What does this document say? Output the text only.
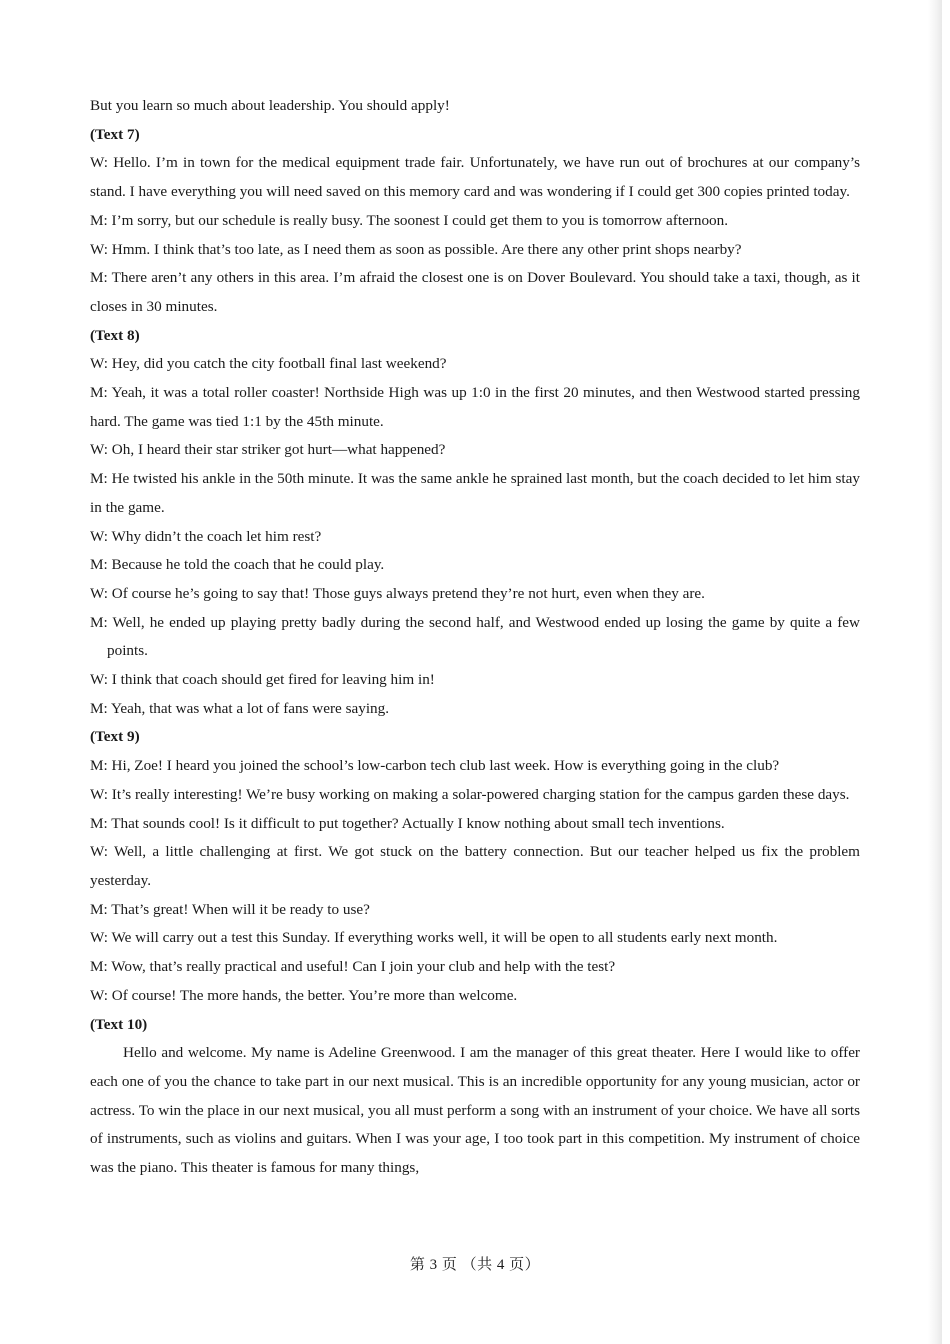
But you learn so much about leadership. You should apply!

(Text 7)

W: Hello. I’m in town for the medical equipment trade fair. Unfortunately, we have run out of brochures at our company’s stand. I have everything you will need saved on this memory card and was wondering if I could get 300 copies printed today.

M: I’m sorry, but our schedule is really busy. The soonest I could get them to you is tomorrow afternoon.

W: Hmm. I think that’s too late, as I need them as soon as possible. Are there any other print shops nearby?

M: There aren’t any others in this area. I’m afraid the closest one is on Dover Boulevard. You should take a taxi, though, as it closes in 30 minutes.

(Text 8)

W: Hey, did you catch the city football final last weekend?

M: Yeah, it was a total roller coaster! Northside High was up 1:0 in the first 20 minutes, and then Westwood started pressing hard. The game was tied 1:1 by the 45th minute.

W: Oh, I heard their star striker got hurt—what happened?

M: He twisted his ankle in the 50th minute. It was the same ankle he sprained last month, but the coach decided to let him stay in the game.

W: Why didn’t the coach let him rest?

M: Because he told the coach that he could play.

W: Of course he’s going to say that! Those guys always pretend they’re not hurt, even when they are.

M: Well, he ended up playing pretty badly during the second half, and Westwood ended up losing the game by quite a few points.

W: I think that coach should get fired for leaving him in!

M: Yeah, that was what a lot of fans were saying.

(Text 9)

M: Hi, Zoe! I heard you joined the school’s low-carbon tech club last week. How is everything going in the club?

W: It’s really interesting! We’re busy working on making a solar-powered charging station for the campus garden these days.

M: That sounds cool! Is it difficult to put together? Actually I know nothing about small tech inventions.

W: Well, a little challenging at first. We got stuck on the battery connection. But our teacher helped us fix the problem yesterday.

M: That’s great! When will it be ready to use?

W: We will carry out a test this Sunday. If everything works well, it will be open to all students early next month.

M: Wow, that’s really practical and useful! Can I join your club and help with the test?

W: Of course! The more hands, the better. You’re more than welcome.

(Text 10)

Hello and welcome. My name is Adeline Greenwood. I am the manager of this great theater. Here I would like to offer each one of you the chance to take part in our next musical. This is an incredible opportunity for any young musician, actor or actress. To win the place in our next musical, you all must perform a song with an instrument of your choice. We have all sorts of instruments, such as violins and guitars. When I was your age, I too took part in this competition. My instrument of choice was the piano. This theater is famous for many things,

第 3 页 （共 4 页）
